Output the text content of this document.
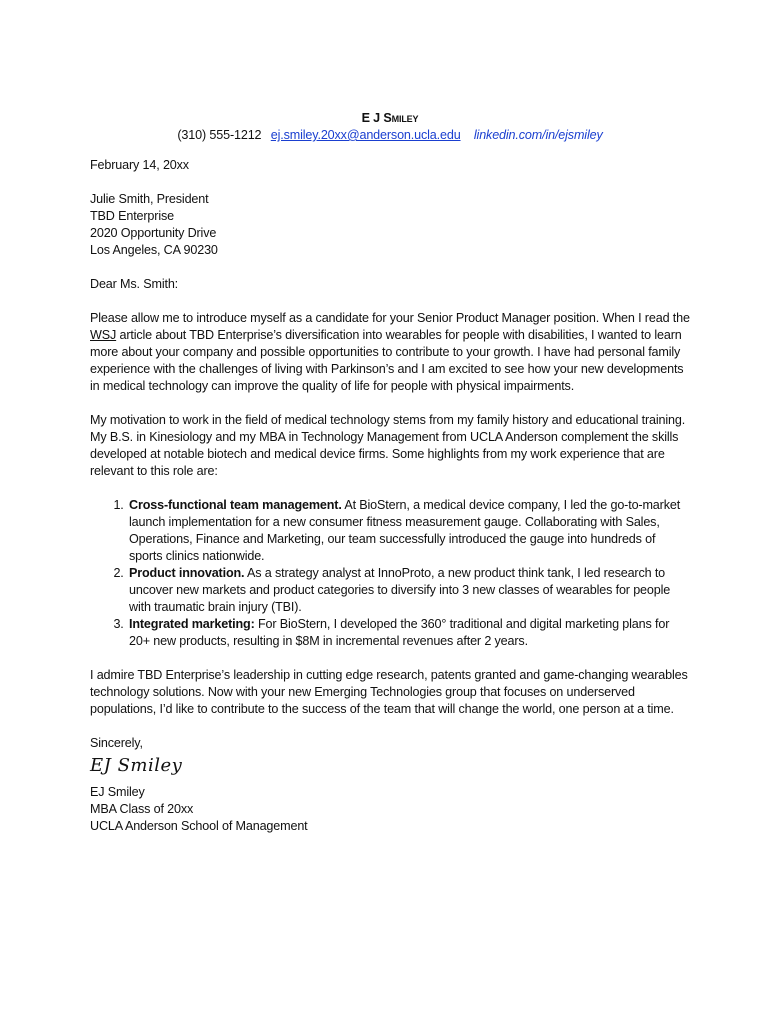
E J Smiley
(310) 555-1212 ej.smiley.20xx@anderson.ucla.edu linkedin.com/in/ejsmiley

February 14, 20xx

Julie Smith, President
TBD Enterprise
2020 Opportunity Drive
Los Angeles, CA 90230

Dear Ms. Smith:

Please allow me to introduce myself as a candidate for your Senior Product Manager position. When I read the WSJ article about TBD Enterprise’s diversification into wearables for people with disabilities, I wanted to learn more about your company and possible opportunities to contribute to your growth. I have had personal family experience with the challenges of living with Parkinson’s and I am excited to see how your new developments in medical technology can improve the quality of life for people with physical impairments.

My motivation to work in the field of medical technology stems from my family history and educational training. My B.S. in Kinesiology and my MBA in Technology Management from UCLA Anderson complement the skills developed at notable biotech and medical device firms. Some highlights from my work experience that are relevant to this role are:

1. Cross-functional team management. At BioStern, a medical device company, I led the go-to-market launch implementation for a new consumer fitness measurement gauge. Collaborating with Sales, Operations, Finance and Marketing, our team successfully introduced the gauge into hundreds of sports clinics nationwide.
2. Product innovation. As a strategy analyst at InnoProto, a new product think tank, I led research to uncover new markets and product categories to diversify into 3 new classes of wearables for people with traumatic brain injury (TBI).
3. Integrated marketing: For BioStern, I developed the 360° traditional and digital marketing plans for 20+ new products, resulting in $8M in incremental revenues after 2 years.

I admire TBD Enterprise’s leadership in cutting edge research, patents granted and game-changing wearables technology solutions. Now with your new Emerging Technologies group that focuses on underserved populations, I’d like to contribute to the success of the team that will change the world, one person at a time.

Sincerely,
EJ Smiley
EJ Smiley
MBA Class of 20xx
UCLA Anderson School of Management
